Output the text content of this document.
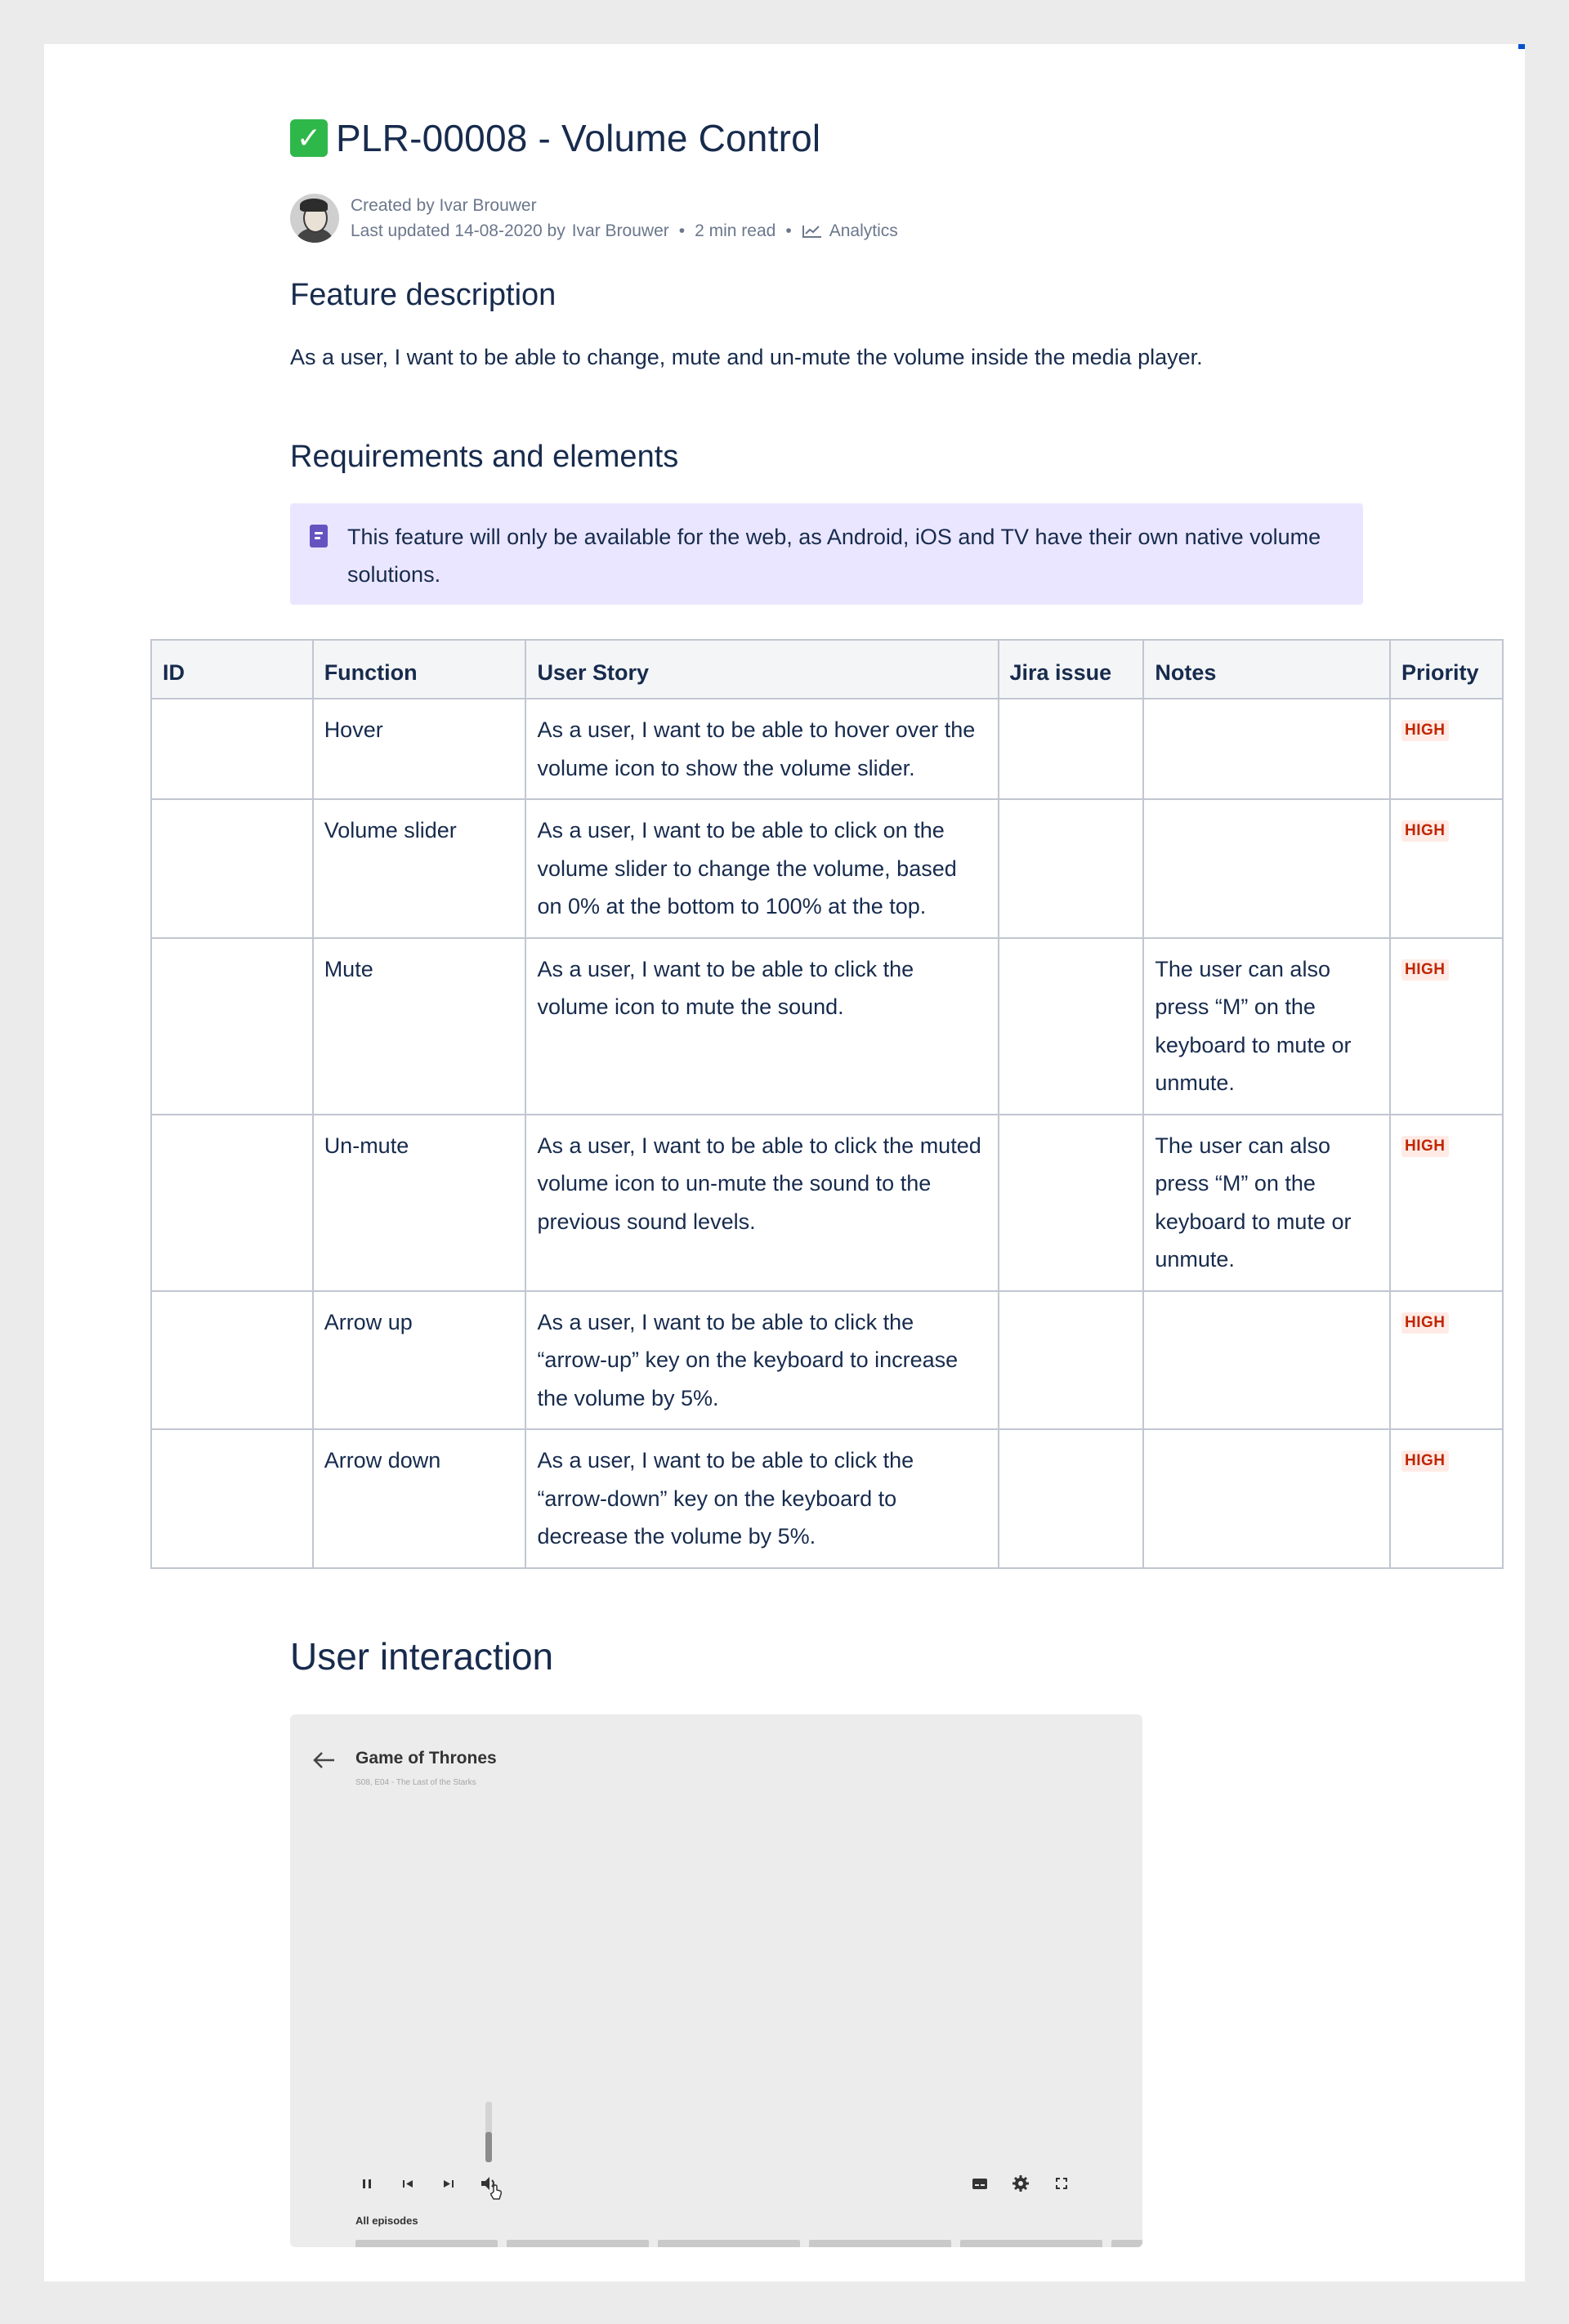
✓ PLR-00008 - Volume Control
Created by Ivar Brouwer
Last updated 14-08-2020 by Ivar Brouwer • 2 min read • Analytics
Feature description

As a user, I want to be able to change, mute and un-mute the volume inside the media player.

Requirements and elements
This feature will only be available for the web, as Android, iOS and TV have their own native volume
solutions.
User interaction
Game of Thrones
S08, E04 - The Last of the Starks
All episodes
ID	Function	User Story	Jira issue	Notes	Priority
	Hover	As a user, I want to be able to hover over the volume icon to show the volume slider.			HIGH
	Volume slider	As a user, I want to be able to click on the volume slider to change the volume, based on 0% at the bottom to 100% at the top.			HIGH
	Mute	As a user, I want to be able to click the volume icon to mute the sound.		The user can also press “M” on the keyboard to mute or unmute.	HIGH
	Un-mute	As a user, I want to be able to click the muted volume icon to un-mute the sound to the previous sound levels.		The user can also press “M” on the keyboard to mute or unmute.	HIGH
	Arrow up	As a user, I want to be able to click the “arrow-up” key on the keyboard to increase the volume by 5%.			HIGH
	Arrow down	As a user, I want to be able to click the “arrow-down” key on the keyboard to decrease the volume by 5%.			HIGH
